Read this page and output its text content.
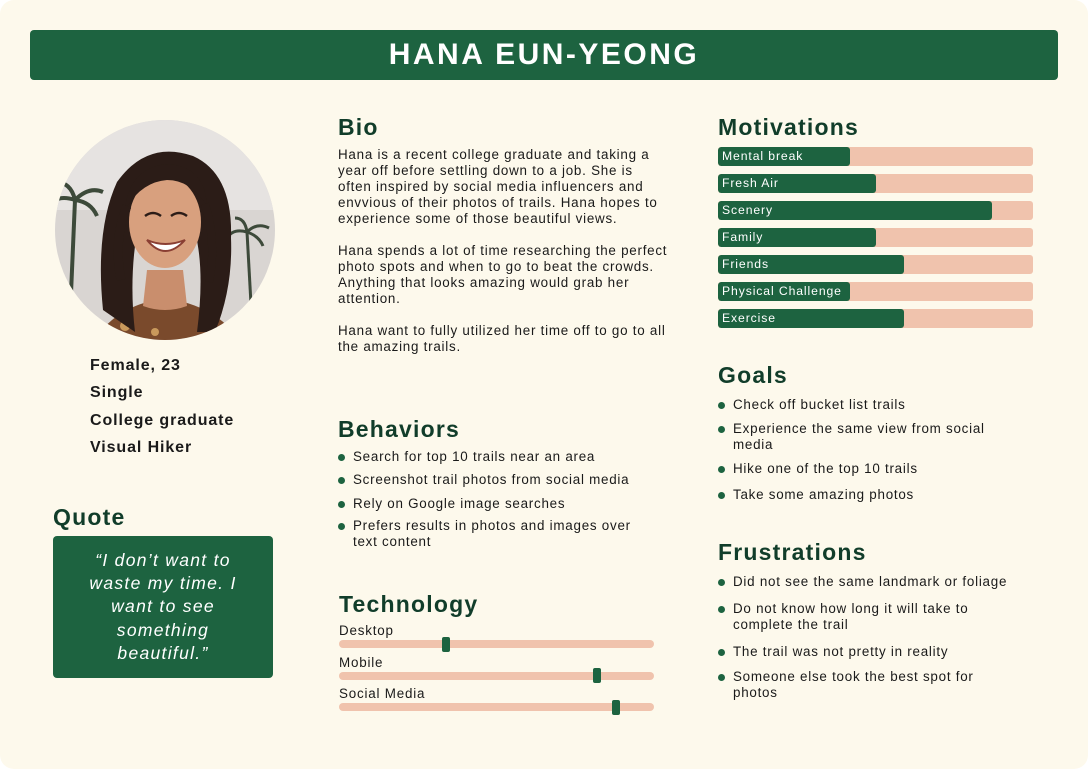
HANA EUN-YEONG
Female, 23
Single
College graduate
Visual Hiker
Quote

“I don’t want to waste my time. I want to see something beautiful.”

Bio

Hana is a recent college graduate and taking a year off before settling down to a job. She is often inspired by social media influencers and envvious of their photos of trails. Hana hopes to experience some of those beautiful views.

Hana spends a lot of time researching the perfect photo spots and when to go to beat the crowds. Anything that looks amazing would grab her attention.

Hana want to fully utilized her time off to go to all the amazing trails.

Behaviors
Search for top 10 trails near an area
Screenshot trail photos from social media
Rely on Google image searches
Prefers results in photos and images over text content
Technology
Desktop
Mobile
Social Media
Motivations
Mental break
Fresh Air
Scenery
Family
Friends
Physical Challenge
Exercise
Goals
Check off bucket list trails
Experience the same view from social media
Hike one of the top 10 trails
Take some amazing photos
Frustrations
Did not see the same landmark or foliage
Do not know how long it will take to complete the trail
The trail was not pretty in reality
Someone else took the best spot for photos
